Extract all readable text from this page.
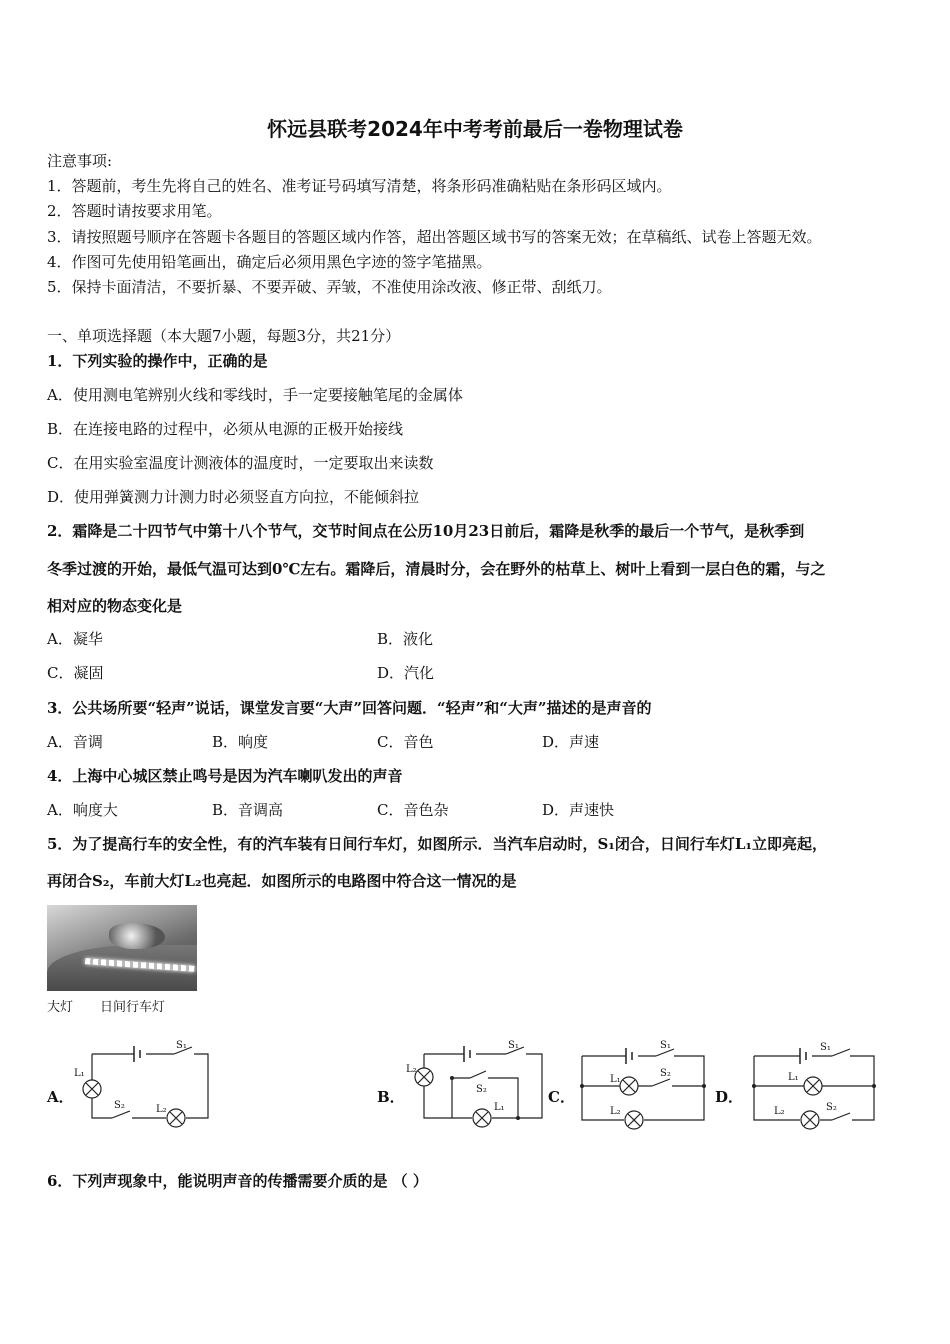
怀远县联考2024年中考考前最后一卷物理试卷
注意事项:
1．答题前，考生先将自己的姓名、准考证号码填写清楚，将条形码准确粘贴在条形码区域内。
2．答题时请按要求用笔。
3．请按照题号顺序在答题卡各题目的答题区域内作答，超出答题区域书写的答案无效；在草稿纸、试卷上答题无效。
4．作图可先使用铅笔画出，确定后必须用黑色字迹的签字笔描黑。
5．保持卡面清洁，不要折暴、不要弄破、弄皱，不准使用涂改液、修正带、刮纸刀。
一、单项选择题（本大题7小题，每题3分，共21分）
1．下列实验的操作中，正确的是
A．使用测电笔辨别火线和零线时，手一定要接触笔尾的金属体
B．在连接电路的过程中，必须从电源的正极开始接线
C．在用实验室温度计测液体的温度时，一定要取出来读数
D．使用弹簧测力计测力时必须竖直方向拉，不能倾斜拉
2．霜降是二十四节气中第十八个节气，交节时间点在公历10月23日前后，霜降是秋季的最后一个节气，是秋季到
冬季过渡的开始，最低气温可达到0℃左右。霜降后，清晨时分，会在野外的枯草上、树叶上看到一层白色的霜，与之
相对应的物态变化是
A．凝华	B．液化
C．凝固	D．汽化
3．公共场所要“轻声”说话，课堂发言要“大声”回答问题．“轻声”和“大声”描述的是声音的
A．音调	B．响度	C．音色	D．声速
4．上海中心城区禁止鸣号是因为汽车喇叭发出的声音
A．响度大	B．音调高	C．音色杂	D．声速快
5．为了提高行车的安全性，有的汽车装有日间行车灯，如图所示．当汽车启动时，S₁闭合，日间行车灯L₁立即亮起，
再闭合S₂，车前大灯L₂也亮起．如图所示的电路图中符合这一情况的是
大灯 日间行车灯
A．	B．	C．	D．
S₁
L₁
S₂	L₂
S₁
L₂
S₂
L₁
S₁
L₁
S₂
L₂
S₁
L₁
S₂
L₂
6．下列声现象中，能说明声音的传播需要介质的是 （ ）
